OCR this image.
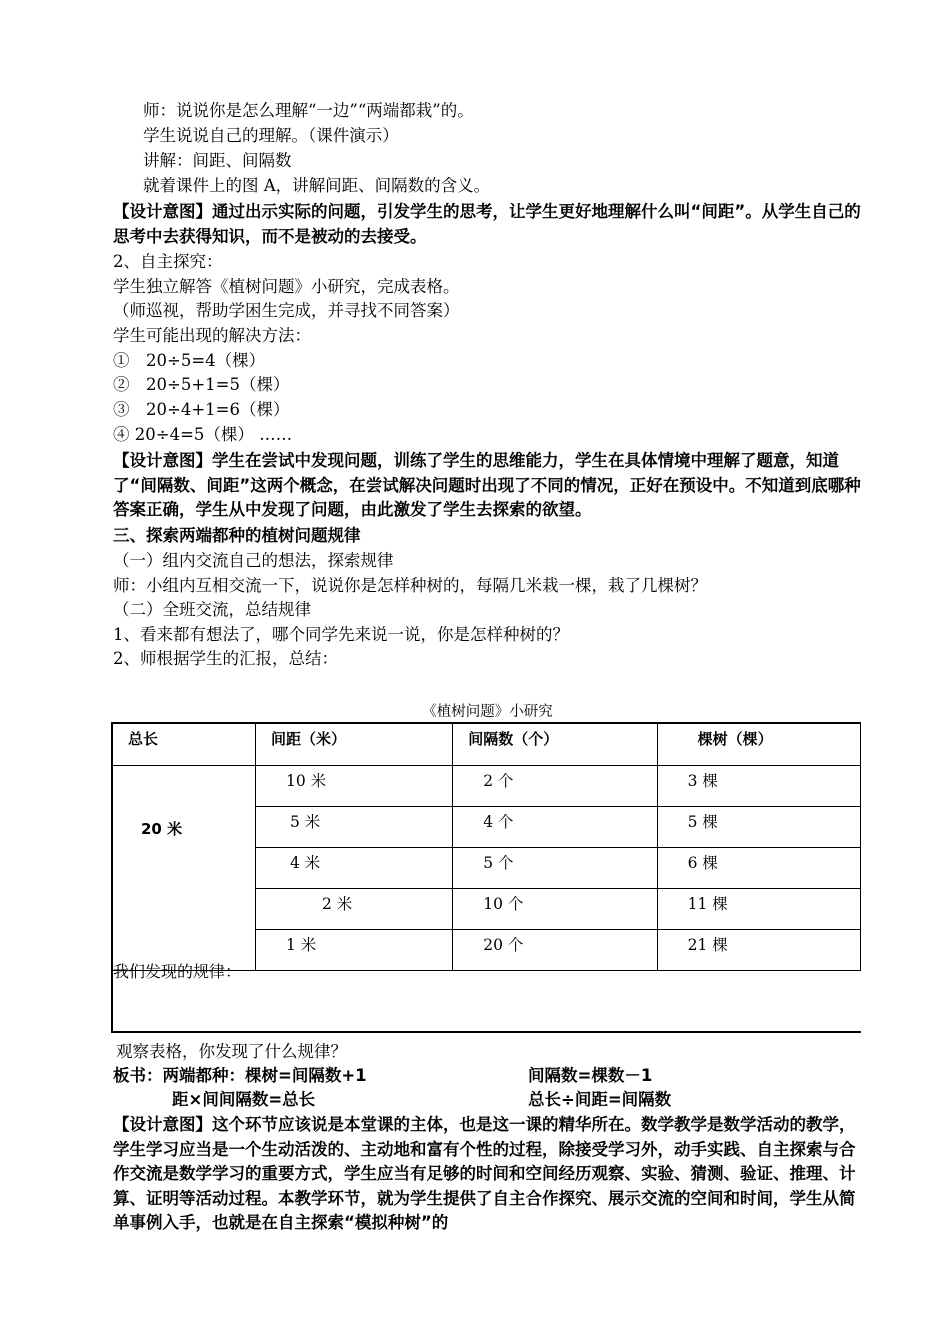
师：说说你是怎么理解“一边”“两端都栽”的。
学生说说自己的理解。（课件演示）
讲解：间距、间隔数
就着课件上的图 A，讲解间距、间隔数的含义。
【设计意图】通过出示实际的问题，引发学生的思考，让学生更好地理解什么叫“间距”。从学生自己的思考中去获得知识，而不是被动的去接受。
2、自主探究：
学生独立解答《植树问题》小研究，完成表格。
（师巡视，帮助学困生完成，并寻找不同答案）
学生可能出现的解决方法：
①　20÷5=4（棵）
②　20÷5+1=5（棵）
③　20÷4+1=6（棵）
④ 20÷4=5（棵） ……
【设计意图】学生在尝试中发现问题，训练了学生的思维能力，学生在具体情境中理解了题意，知道了“间隔数、间距”这两个概念，在尝试解决问题时出现了不同的情况，正好在预设中。不知道到底哪种答案正确，学生从中发现了问题，由此激发了学生去探索的欲望。
三、探索两端都种的植树问题规律
（一）组内交流自己的想法，探索规律
师：小组内互相交流一下，说说你是怎样种树的，每隔几米栽一棵，栽了几棵树？
（二）全班交流，总结规律
1、看来都有想法了，哪个同学先来说一说，你是怎样种树的？
2、师根据学生的汇报，总结：
《植树问题》小研究
总长	间距（米）	间隔数（个）	棵树（棵）

20 米	10 米	2 个	3 棵

	5 米	4 个	5 棵

	4 米	5 个	6 棵

	2 米	10 个	11 棵

	1 米	20 个	21 棵
我们发现的规律：
观察表格，你发现了什么规律？
板书：两端都种：棵树=间隔数+1	间隔数=棵数－1
距×间间隔数=总长	总长÷间距=间隔数
【设计意图】这个环节应该说是本堂课的主体，也是这一课的精华所在。数学教学是数学活动的教学，学生学习应当是一个生动活泼的、主动地和富有个性的过程，除接受学习外，动手实践、自主探索与合作交流是数学学习的重要方式，学生应当有足够的时间和空间经历观察、实验、猜测、验证、推理、计算、证明等活动过程。本教学环节，就为学生提供了自主合作探究、展示交流的空间和时间，学生从简单事例入手，也就是在自主探索“模拟种树”的
